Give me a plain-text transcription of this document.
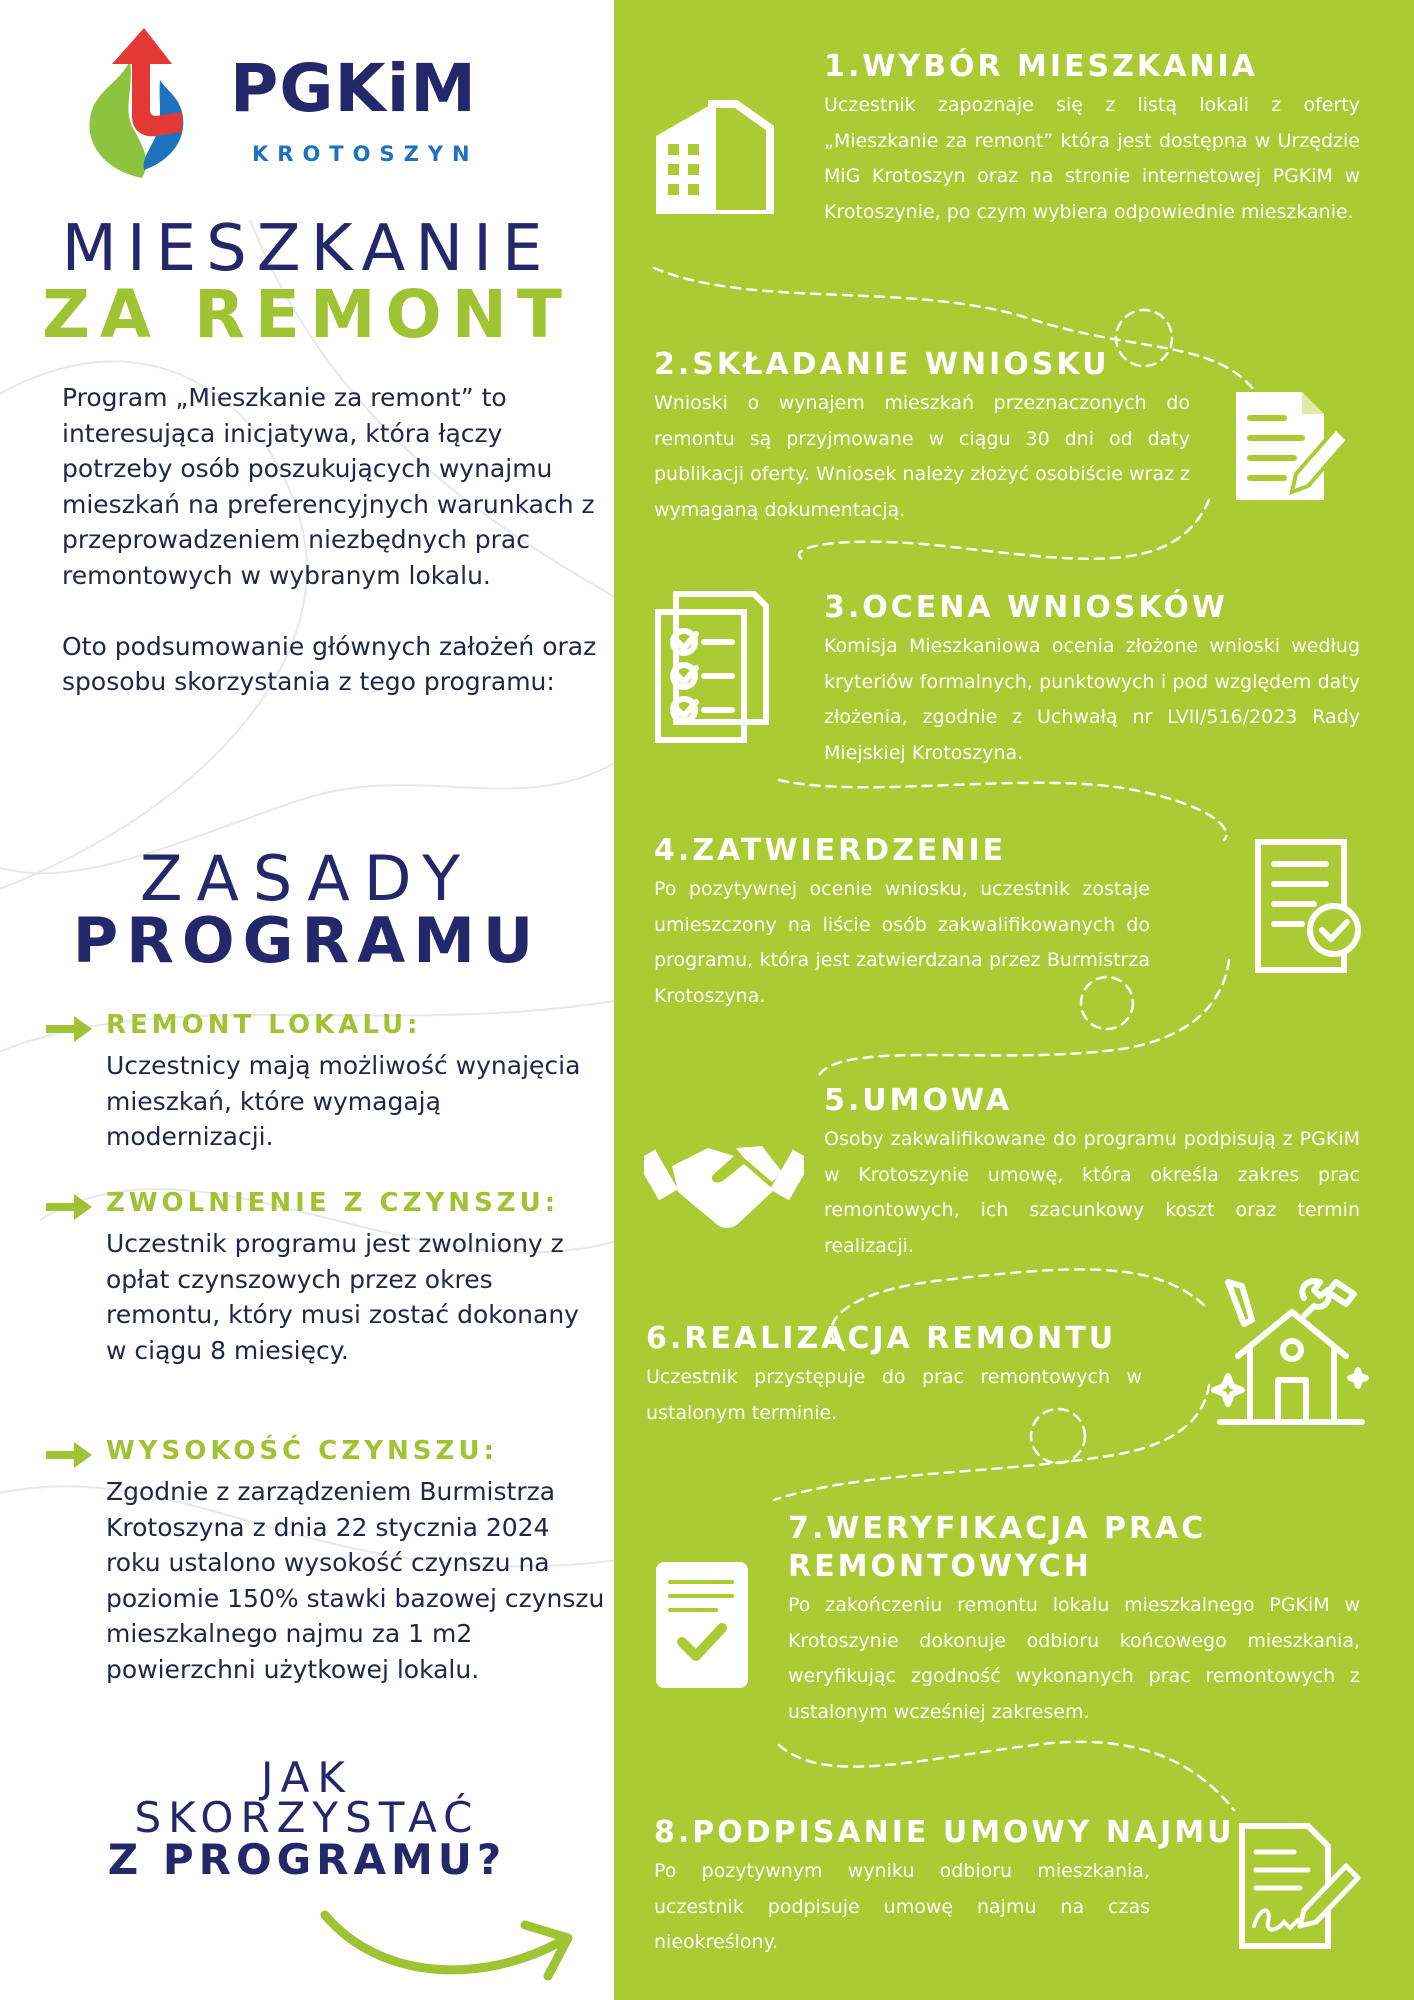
PGKiM
KROTOSZYN
MIESZKANIE
ZA REMONT

Program „Mieszkanie za remont” to interesująca inicjatywa, która łączy potrzeby osób poszukujących wynajmu mieszkań na preferencyjnych warunkach z przeprowadzeniem niezbędnych prac remontowych w wybranym lokalu.

Oto podsumowanie głównych założeń oraz sposobu skorzystania z tego programu:

ZASADY
PROGRAMU
REMONT LOKALU:
Uczestnicy mają możliwość wynajęcia mieszkań, które wymagają modernizacji.
ZWOLNIENIE Z CZYNSZU:
Uczestnik programu jest zwolniony z opłat czynszowych przez okres remontu, który musi zostać dokonany w ciągu 8 miesięcy.
WYSOKOŚĆ CZYNSZU:
Zgodnie z zarządzeniem Burmistrza Krotoszyna z dnia 22 stycznia 2024 roku ustalono wysokość czynszu na poziomie 150% stawki bazowej czynszu mieszkalnego najmu za 1 m2 powierzchni użytkowej lokalu.
JAK
SKORZYSTAĆ
Z PROGRAMU?
1.WYBÓR MIESZKANIA
Uczestnik zapoznaje się z listą lokali z oferty „Mieszkanie za remont” która jest dostępna w Urzędzie MiG Krotoszyn oraz na stronie internetowej PGKiM w Krotoszynie, po czym wybiera odpowiednie mieszkanie.
2.SKŁADANIE WNIOSKU
Wnioski o wynajem mieszkań przeznaczonych do remontu są przyjmowane w ciągu 30 dni od daty publikacji oferty. Wniosek należy złożyć osobiście wraz z wymaganą dokumentacją.
3.OCENA WNIOSKÓW
Komisja Mieszkaniowa ocenia złożone wnioski według kryteriów formalnych, punktowych i pod względem daty złożenia, zgodnie z Uchwałą nr LVII/516/2023 Rady Miejskiej Krotoszyna.
4.ZATWIERDZENIE
Po pozytywnej ocenie wniosku, uczestnik zostaje umieszczony na liście osób zakwalifikowanych do programu, która jest zatwierdzana przez Burmistrza Krotoszyna.
5.UMOWA
Osoby zakwalifikowane do programu podpisują z PGKiM w Krotoszynie umowę, która określa zakres prac remontowych, ich szacunkowy koszt oraz termin realizacji.
6.REALIZACJA REMONTU
Uczestnik przystępuje do prac remontowych w ustalonym terminie.
7.WERYFIKACJA PRAC
REMONTOWYCH
Po zakończeniu remontu lokalu mieszkalnego PGKiM w Krotoszynie dokonuje odbioru końcowego mieszkania, weryfikując zgodność wykonanych prac remontowych z ustalonym wcześniej zakresem.
8.PODPISANIE UMOWY NAJMU
Po pozytywnym wyniku odbioru mieszkania, uczestnik podpisuje umowę najmu na czas nieokreślony.
